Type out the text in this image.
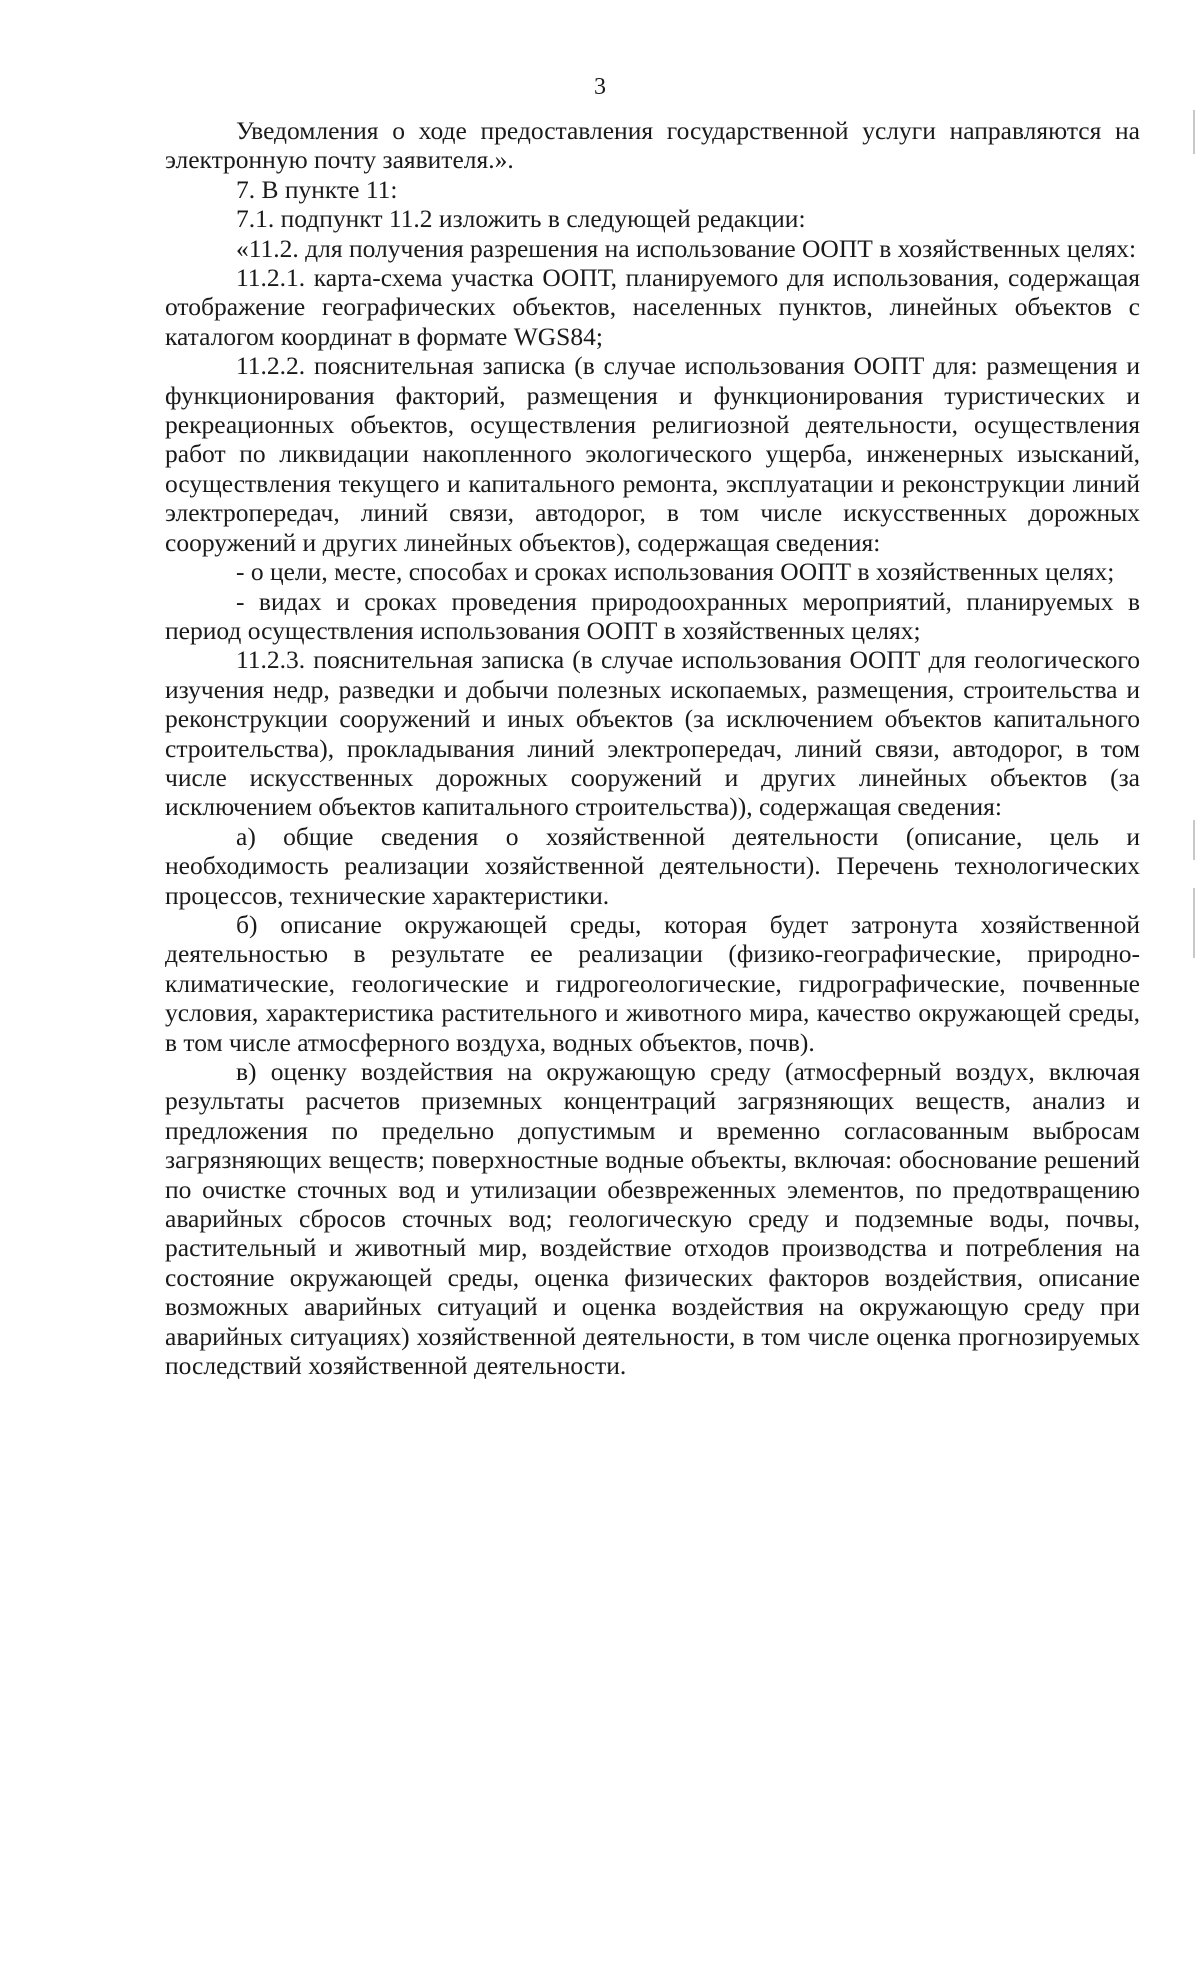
3

Уведомления о ходе предоставления государственной услуги направляются на электронную почту заявителя.».

7. В пункте 11:

7.1. подпункт 11.2 изложить в следующей редакции:

«11.2. для получения разрешения на использование ООПТ в хозяйственных целях:

11.2.1. карта-схема участка ООПТ, планируемого для использования, содержащая отображение географических объектов, населенных пунктов, линейных объектов с каталогом координат в формате WGS84;

11.2.2. пояснительная записка (в случае использования ООПТ для: размещения и функционирования факторий, размещения и функционирования туристических и рекреационных объектов, осуществления религиозной деятельности, осуществления работ по ликвидации накопленного экологического ущерба, инженерных изысканий, осуществления текущего и капитального ремонта, эксплуатации и реконструкции линий электропередач, линий связи, автодорог, в том числе искусственных дорожных сооружений и других линейных объектов), содержащая сведения:

- о цели, месте, способах и сроках использования ООПТ в хозяйственных целях;

- видах и сроках проведения природоохранных мероприятий, планируемых в период осуществления использования ООПТ в хозяйственных целях;

11.2.3. пояснительная записка (в случае использования ООПТ для геологического изучения недр, разведки и добычи полезных ископаемых, размещения, строительства и реконструкции сооружений и иных объектов (за исключением объектов капитального строительства), прокладывания линий электропередач, линий связи, автодорог, в том числе искусственных дорожных сооружений и других линейных объектов (за исключением объектов капитального строительства)), содержащая сведения:

а) общие сведения о хозяйственной деятельности (описание, цель и необходимость реализации хозяйственной деятельности). Перечень технологических процессов, технические характеристики.

б) описание окружающей среды, которая будет затронута хозяйственной деятельностью в результате ее реализации (физико-географические, природно-климатические, геологические и гидрогеологические, гидрографические, почвенные условия, характеристика растительного и животного мира, качество окружающей среды, в том числе атмосферного воздуха, водных объектов, почв).

в) оценку воздействия на окружающую среду (атмосферный воздух, включая результаты расчетов приземных концентраций загрязняющих веществ, анализ и предложения по предельно допустимым и временно согласованным выбросам загрязняющих веществ; поверхностные водные объекты, включая: обоснование решений по очистке сточных вод и утилизации обезвреженных элементов, по предотвращению аварийных сбросов сточных вод; геологическую среду и подземные воды, почвы, растительный и животный мир, воздействие отходов производства и потребления на состояние окружающей среды, оценка физических факторов воздействия, описание возможных аварийных ситуаций и оценка воздействия на окружающую среду при аварийных ситуациях) хозяйственной деятельности, в том числе оценка прогнозируемых последствий хозяйственной деятельности.
